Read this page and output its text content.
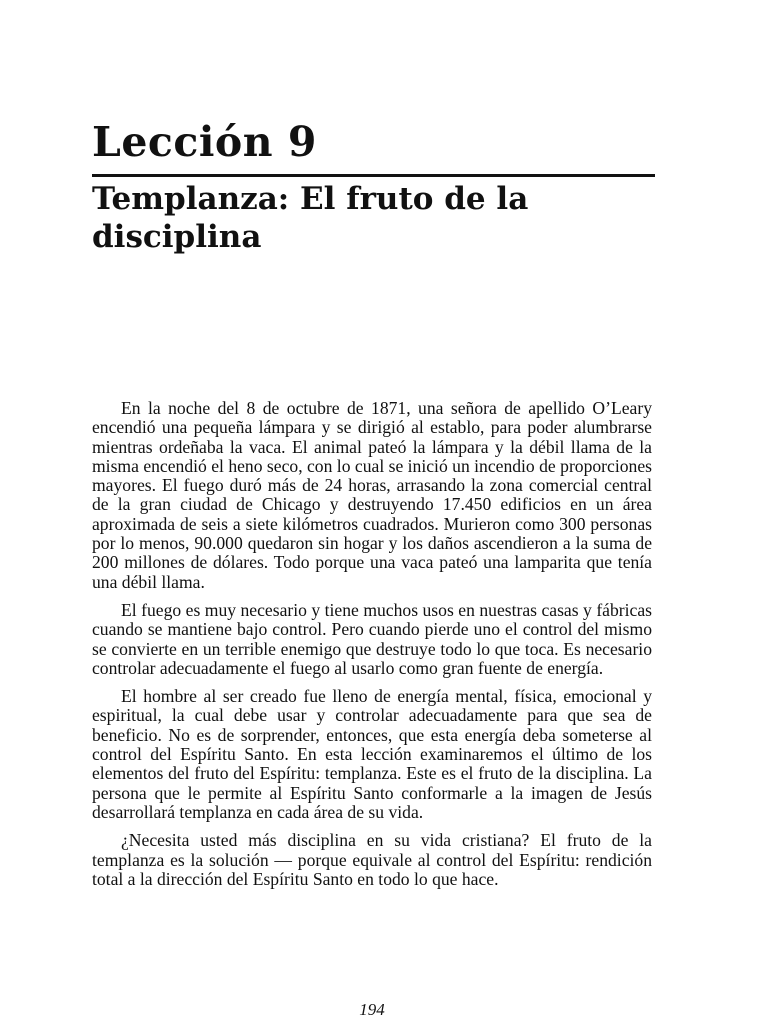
Lección 9
Templanza: El fruto de la disciplina

En la noche del 8 de octubre de 1871, una señora de apellido O’Leary encendió una pequeña lámpara y se dirigió al establo, para poder alumbrarse mientras ordeñaba la vaca. El animal pateó la lámpara y la débil llama de la misma encendió el heno seco, con lo cual se inició un incendio de proporciones mayores. El fuego duró más de 24 horas, arrasando la zona comercial central de la gran ciudad de Chicago y destruyendo 17.450 edificios en un área aproximada de seis a siete kilómetros cuadrados. Murieron como 300 personas por lo menos, 90.000 quedaron sin hogar y los daños ascendieron a la suma de 200 millones de dólares. Todo porque una vaca pateó una lamparita que tenía una débil llama.

El fuego es muy necesario y tiene muchos usos en nuestras casas y fábricas cuando se mantiene bajo control. Pero cuando pierde uno el control del mismo se convierte en un terrible enemigo que destruye todo lo que toca. Es necesario controlar adecuadamente el fuego al usarlo como gran fuente de energía.

El hombre al ser creado fue lleno de energía mental, física, emocional y espiritual, la cual debe usar y controlar adecuadamente para que sea de beneficio. No es de sorprender, entonces, que esta energía deba someterse al control del Espíritu Santo. En esta lección examinaremos el último de los elementos del fruto del Espíritu: templanza. Este es el fruto de la disciplina. La persona que le permite al Espíritu Santo conformarle a la imagen de Jesús desarrollará templanza en cada área de su vida.

¿Necesita usted más disciplina en su vida cristiana? El fruto de la templanza es la solución — porque equivale al control del Espíritu: rendición total a la dirección del Espíritu Santo en todo lo que hace.

194
